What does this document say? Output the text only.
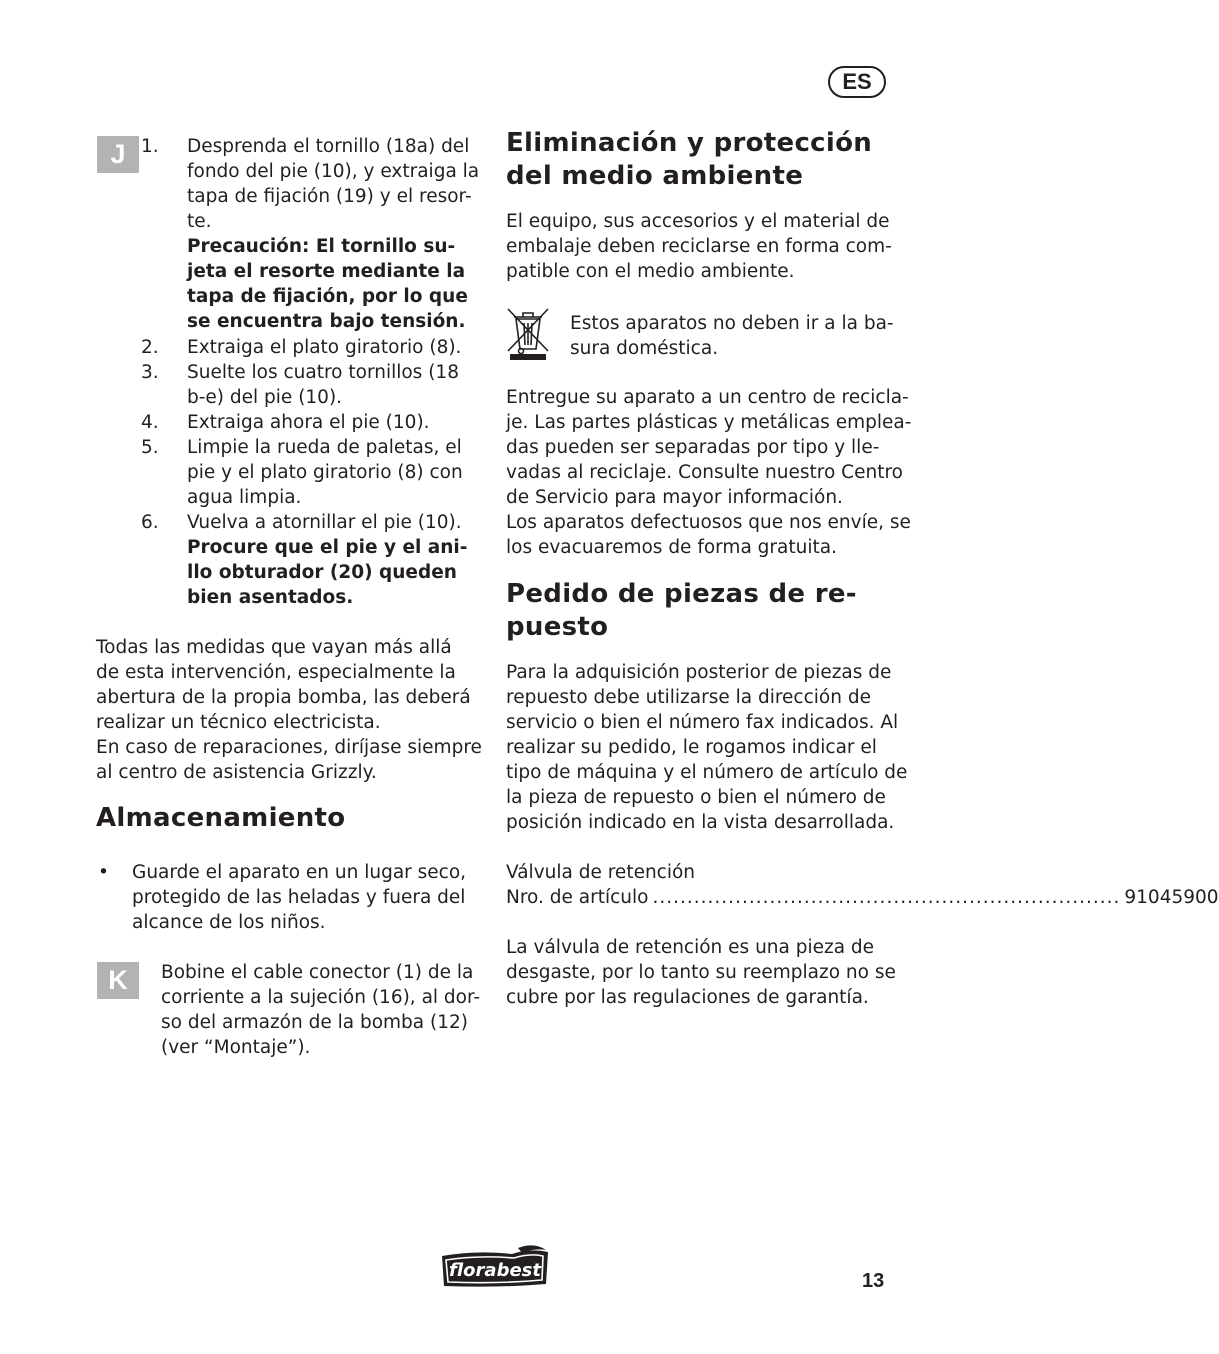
ES
J 1.	Desprenda el tornillo (18a) del
fondo del pie (10), y extraiga la
tapa de fijación (19) y el resor-
te.
Precaución: El tornillo su-
jeta el resorte mediante la
tapa de fijación, por lo que
se encuentra bajo tensión.
2.	Extraiga el plato giratorio (8).
3.	Suelte los cuatro tornillos (18
b-e) del pie (10).
4.	Extraiga ahora el pie (10).
5.	Limpie la rueda de paletas, el
pie y el plato giratorio (8) con
agua limpia.
6.	Vuelva a atornillar el pie (10).
Procure que el pie y el ani-
llo obturador (20) queden
bien asentados.
Todas las medidas que vayan más allá
de esta intervención, especialmente la
abertura de la propia bomba, las deberá
realizar un técnico electricista.
En caso de reparaciones, diríjase siempre
al centro de asistencia Grizzly.
Almacenamiento
• Guarde el aparato en un lugar seco,
protegido de las heladas y fuera del
alcance de los niños.
K	Bobine el cable conector (1) de la
corriente a la sujeción (16), al dor-
so del armazón de la bomba (12)
(ver “Montaje”).
Eliminación y protección
del medio ambiente
El equipo, sus accesorios y el material de
embalaje deben reciclarse en forma com-
patible con el medio ambiente.
Estos aparatos no deben ir a la ba-
sura doméstica.
Entregue su aparato a un centro de recicla-
je. Las partes plásticas y metálicas emplea-
das pueden ser separadas por tipo y lle-
vadas al reciclaje. Consulte nuestro Centro
de Servicio para mayor información.
Los aparatos defectuosos que nos envíe, se
los evacuaremos de forma gratuita.
Pedido de piezas de re-
puesto
Para la adquisición posterior de piezas de
repuesto debe utilizarse la dirección de
servicio o bien el número fax indicados. Al
realizar su pedido, le rogamos indicar el
tipo de máquina y el número de artículo de
la pieza de repuesto o bien el número de
posición indicado en la vista desarrollada.
Válvula de retención
Nro. de artículo .................................................................... 91045900
La válvula de retención es una pieza de
desgaste, por lo tanto su reemplazo no se
cubre por las regulaciones de garantía.
florabest	13
